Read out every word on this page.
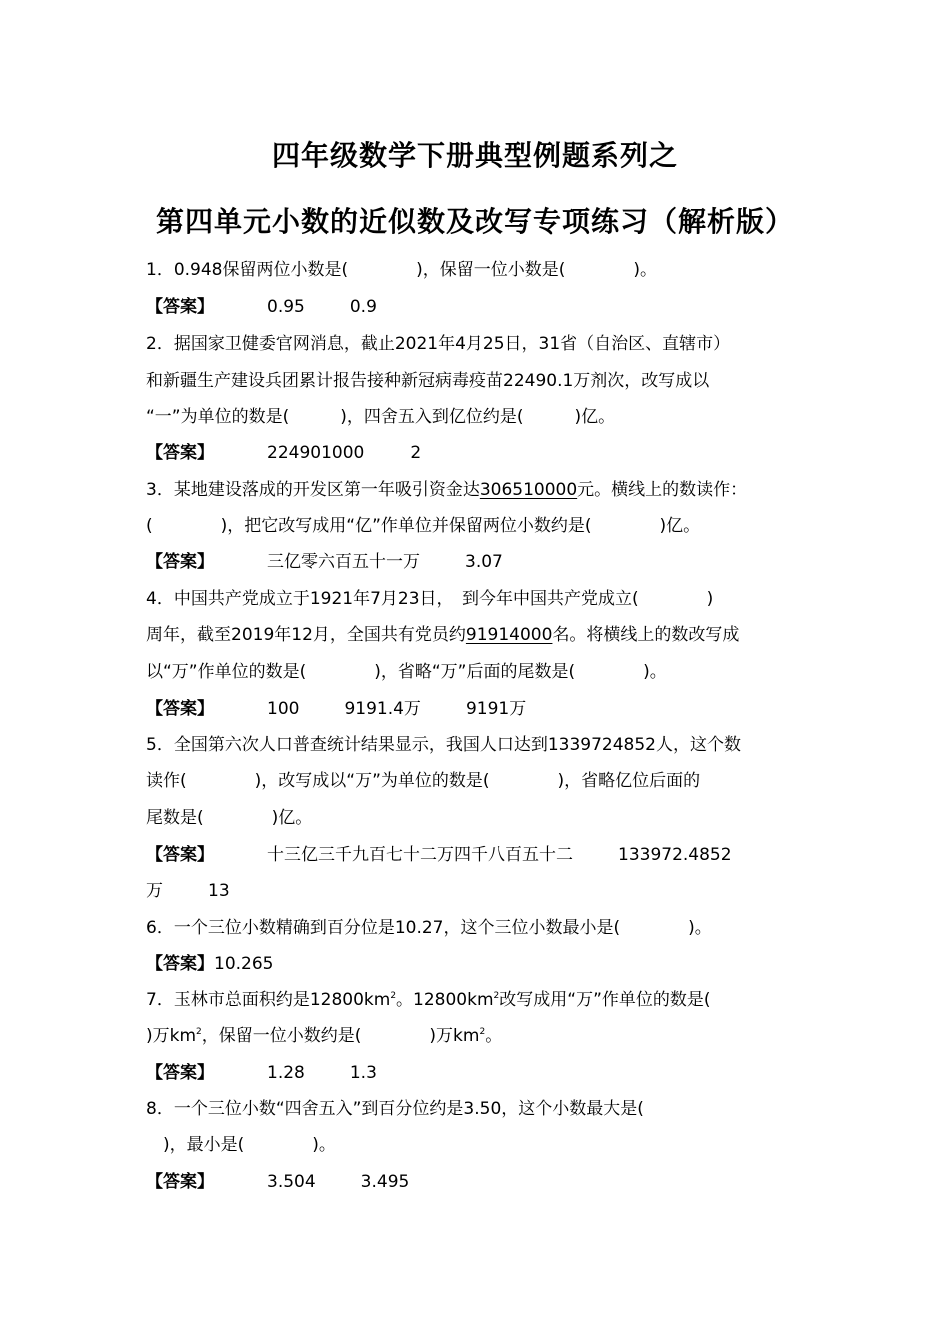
四年级数学下册典型例题系列之
第四单元小数的近似数及改写专项练习（解析版）
1．0.948保留两位小数是(　　　　)，保留一位小数是(　　　　)。
【答案】	0.95	0.9
2．据国家卫健委官网消息，截止2021年4月25日，31省（自治区、直辖市）
和新疆生产建设兵团累计报告接种新冠病毒疫苗22490.1万剂次，改写成以
“一”为单位的数是(　　　)，四舍五入到亿位约是(　　　)亿。
【答案】	224901000	2
3．某地建设落成的开发区第一年吸引资金达306510000元。横线上的数读作：
(　　　　)，把它改写成用“亿”作单位并保留两位小数约是(　　　　)亿。
【答案】	三亿零六百五十一万	3.07
4．中国共产党成立于1921年7月23日，　到今年中国共产党成立(　　　　)
周年，截至2019年12月，全国共有党员约91914000名。将横线上的数改写成
以“万”作单位的数是(　　　　)，省略“万”后面的尾数是(　　　　)。
【答案】	100	9191.4万	9191万
5．全国第六次人口普查统计结果显示，我国人口达到1339724852人，这个数
读作(　　　　)，改写成以“万”为单位的数是(　　　　)，省略亿位后面的
尾数是(　　　　)亿。
【答案】	十三亿三千九百七十二万四千八百五十二	133972.4852
万	13
6．一个三位小数精确到百分位是10.27，这个三位小数最小是(　　　　)。
【答案】10.265
7．玉林市总面积约是$12800km^2$。$12800km^2$改写成用“万”作单位的数是(
)万$km^2$，保留一位小数约是(　　　　)万$km^2$。
【答案】	1.28	1.3
8．一个三位小数“四舍五入”到百分位约是3.50，这个小数最大是(
　)，最小是(　　　　)。
【答案】	3.504	3.495
